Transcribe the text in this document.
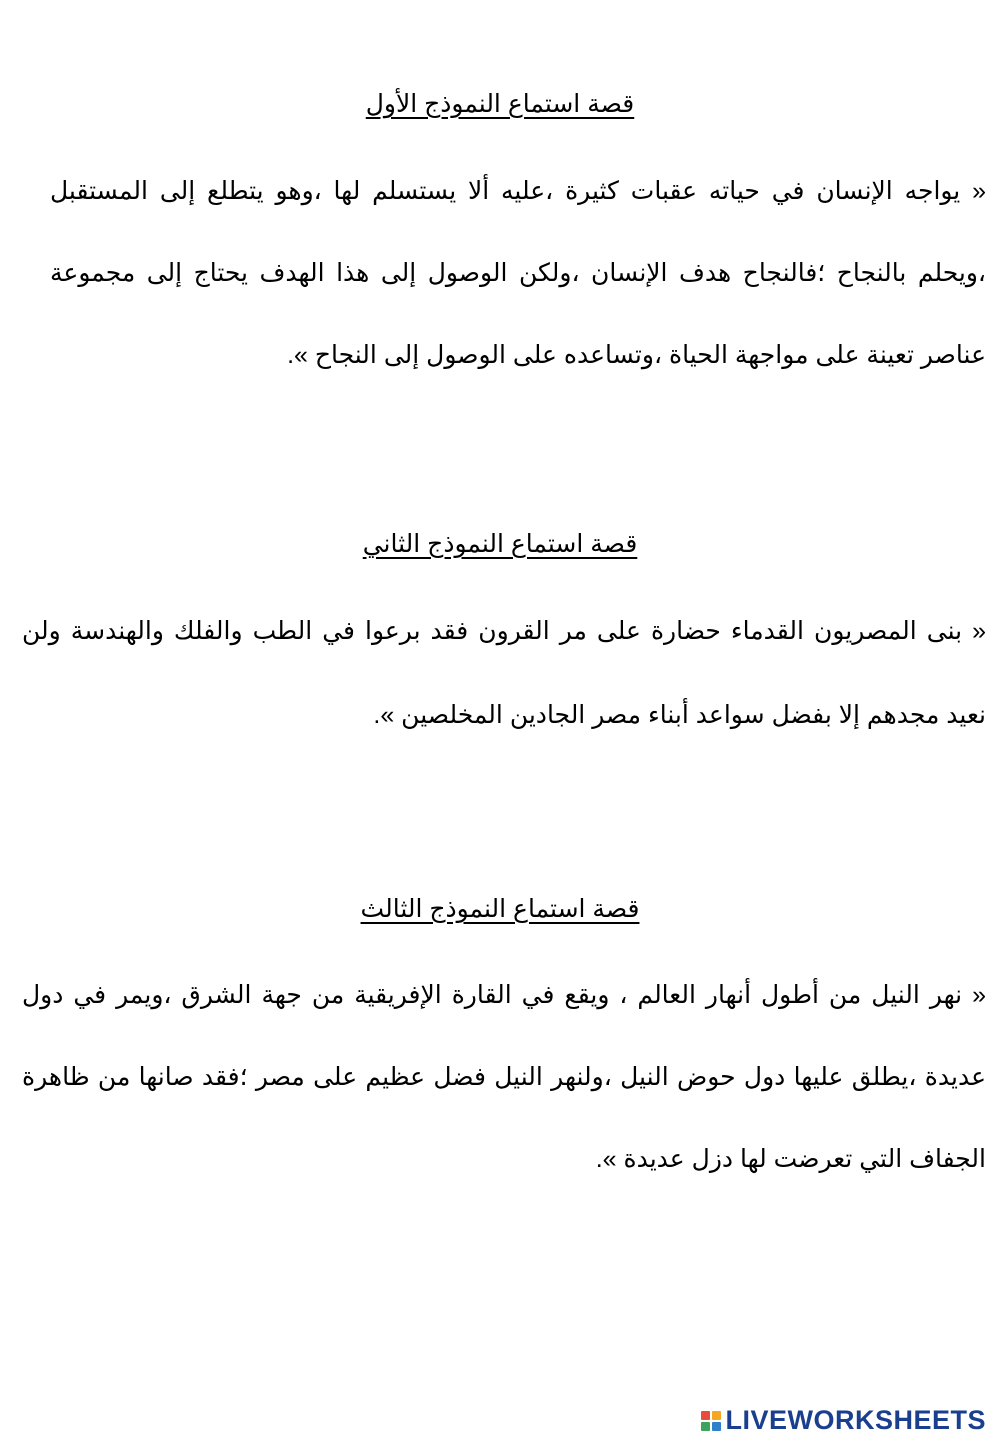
قصة استماع النموذج الأول

« يواجه الإنسان في حياته عقبات كثيرة ،عليه ألا يستسلم لها ،وهو يتطلع إلى المستقبل ،ويحلم بالنجاح ؛فالنجاح هدف الإنسان ،ولكن الوصول إلى هذا الهدف يحتاج إلى مجموعة عناصر تعينة على مواجهة الحياة ،وتساعده على الوصول إلى النجاح ».

قصة استماع النموذج الثاني

« بنى المصريون القدماء حضارة على مر القرون فقد برعوا في الطب والفلك والهندسة ولن نعيد مجدهم إلا بفضل سواعد أبناء مصر الجادين المخلصين ».

قصة استماع النموذج الثالث

« نهر النيل من أطول أنهار العالم ، ويقع في القارة الإفريقية من جهة الشرق ،ويمر في دول عديدة ،يطلق عليها دول حوض النيل ،ولنهر النيل فضل عظيم على مصر ؛فقد صانها من ظاهرة الجفاف التي تعرضت لها دزل عديدة ».

LIVEWORKSHEETS
